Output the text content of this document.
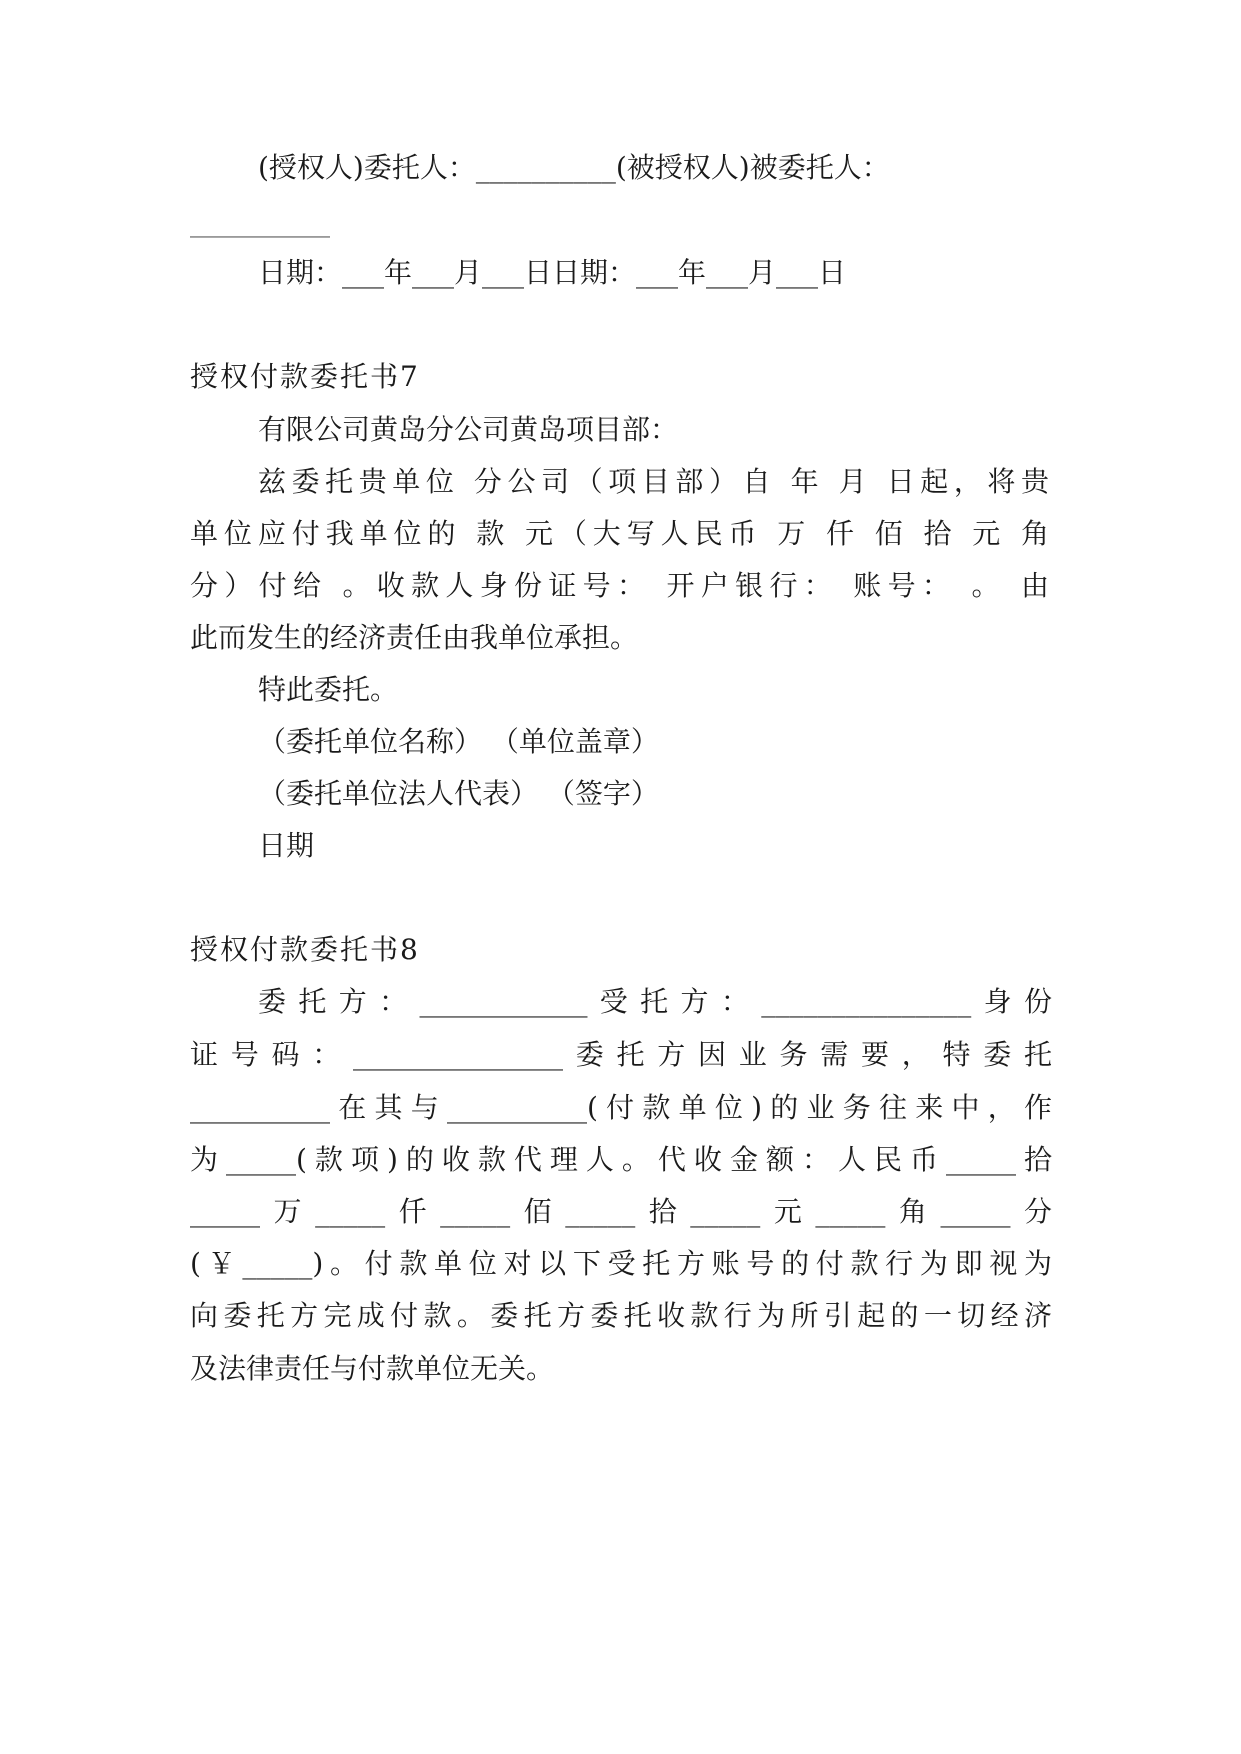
(授权人)委托人：__________(被授权人)被委托人：
__________
日期：___年___月___日日期：___年___月___日
授权付款委托书7
有限公司黄岛分公司黄岛项目部：
兹委托贵单位 分公司（项目部）自 年 月 日起，将贵
单位应付我单位的 款 元（大写人民币 万 仟 佰 拾 元 角
分）付给 。收款人身份证号： 开户银行： 账号： 。 由
此而发生的经济责任由我单位承担。
特此委托。
（委托单位名称） （单位盖章）
（委托单位法人代表） （签字）
日期
授权付款委托书8
委托方：____________受托方：_______________身份
证号码：_______________委托方因业务需要，特委托
__________在其与__________(付款单位)的业务往来中，作
为_____(款项)的收款代理人。代收金额：人民币_____拾
_____万_____仟_____佰_____拾_____元_____角_____分
(￥_____)。付款单位对以下受托方账号的付款行为即视为
向委托方完成付款。委托方委托收款行为所引起的一切经济
及法律责任与付款单位无关。
